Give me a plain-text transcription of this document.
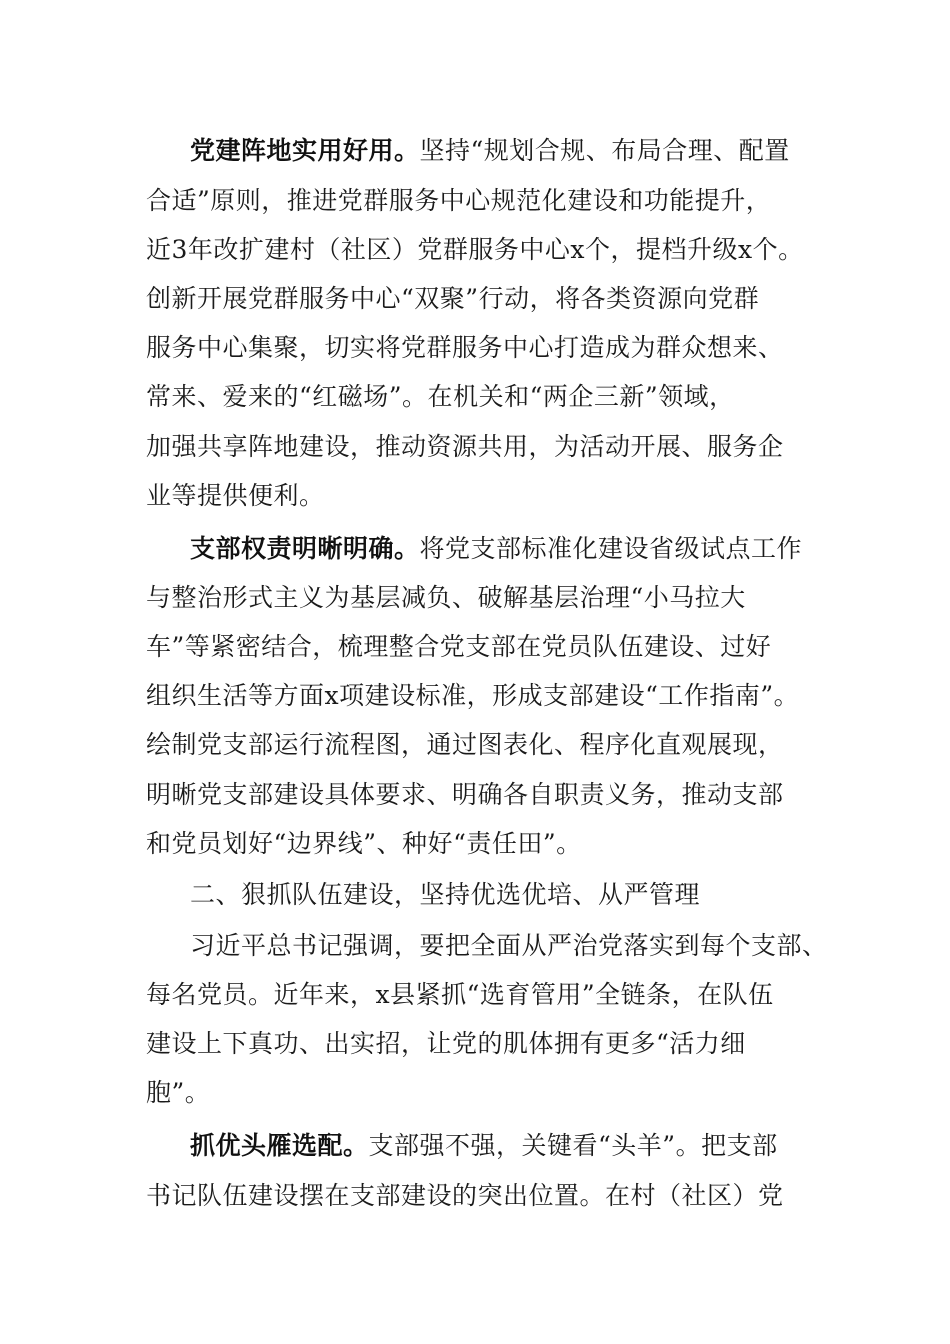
党建阵地实用好用。坚持“规划合规、布局合理、配置
合适”原则，推进党群服务中心规范化建设和功能提升，
近3年改扩建村（社区）党群服务中心x个，提档升级x个。
创新开展党群服务中心“双聚”行动，将各类资源向党群
服务中心集聚，切实将党群服务中心打造成为群众想来、
常来、爱来的“红磁场”。在机关和“两企三新”领域，
加强共享阵地建设，推动资源共用，为活动开展、服务企
业等提供便利。
支部权责明晰明确。将党支部标准化建设省级试点工作
与整治形式主义为基层减负、破解基层治理“小马拉大
车”等紧密结合，梳理整合党支部在党员队伍建设、过好
组织生活等方面x项建设标准，形成支部建设“工作指南”。
绘制党支部运行流程图，通过图表化、程序化直观展现，
明晰党支部建设具体要求、明确各自职责义务，推动支部
和党员划好“边界线”、种好“责任田”。
二、狠抓队伍建设，坚持优选优培、从严管理
习近平总书记强调，要把全面从严治党落实到每个支部、
每名党员。近年来，x县紧抓“选育管用”全链条，在队伍
建设上下真功、出实招，让党的肌体拥有更多“活力细
胞”。
抓优头雁选配。支部强不强，关键看“头羊”。把支部
书记队伍建设摆在支部建设的突出位置。在村（社区）党
